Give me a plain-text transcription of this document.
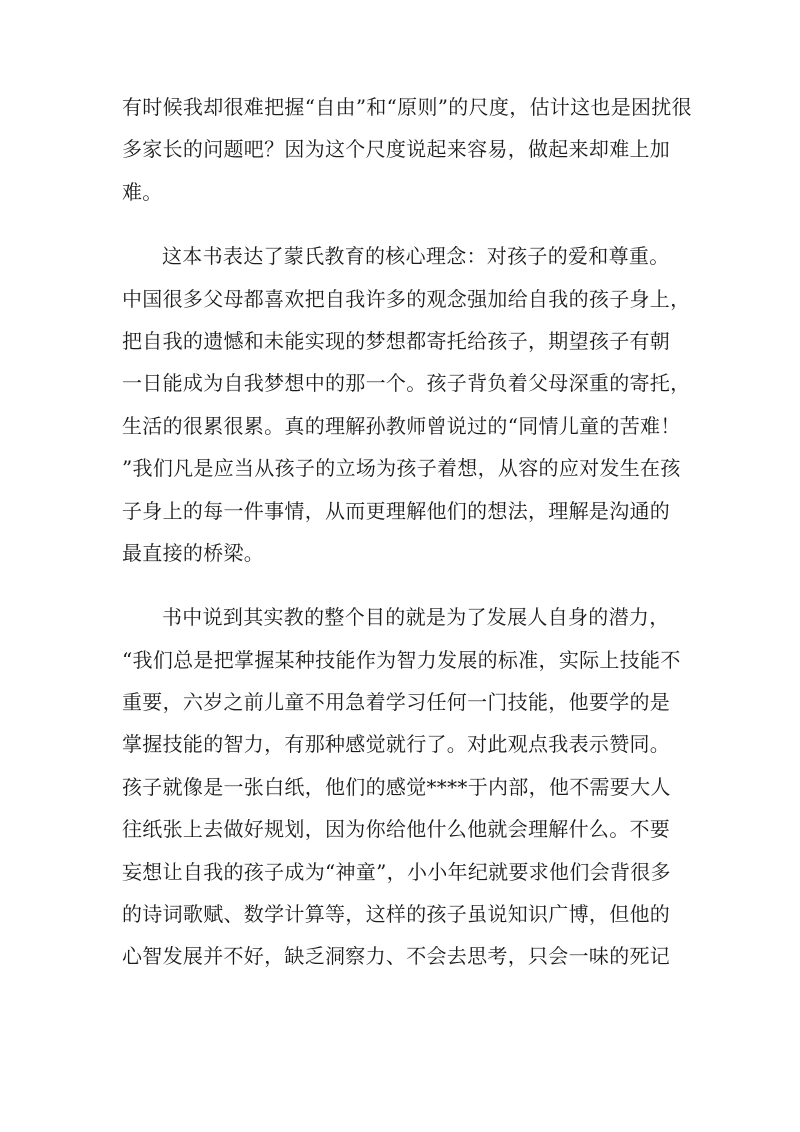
有时候我却很难把握“自由”和“原则”的尺度，估计这也是困扰很
多家长的问题吧？因为这个尺度说起来容易，做起来却难上加
难。
这本书表达了蒙氏教育的核心理念：对孩子的爱和尊重。
中国很多父母都喜欢把自我许多的观念强加给自我的孩子身上，
把自我的遗憾和未能实现的梦想都寄托给孩子，期望孩子有朝
一日能成为自我梦想中的那一个。孩子背负着父母深重的寄托，
生活的很累很累。真的理解孙教师曾说过的“同情儿童的苦难！
”我们凡是应当从孩子的立场为孩子着想，从容的应对发生在孩
子身上的每一件事情，从而更理解他们的想法，理解是沟通的
最直接的桥梁。
书中说到其实教的整个目的就是为了发展人自身的潜力，
“我们总是把掌握某种技能作为智力发展的标准，实际上技能不
重要，六岁之前儿童不用急着学习任何一门技能，他要学的是
掌握技能的智力，有那种感觉就行了。对此观点我表示赞同。
孩子就像是一张白纸，他们的感觉****于内部，他不需要大人
往纸张上去做好规划，因为你给他什么他就会理解什么。不要
妄想让自我的孩子成为“神童”，小小年纪就要求他们会背很多
的诗词歌赋、数学计算等，这样的孩子虽说知识广博，但他的
心智发展并不好，缺乏洞察力、不会去思考，只会一味的死记
